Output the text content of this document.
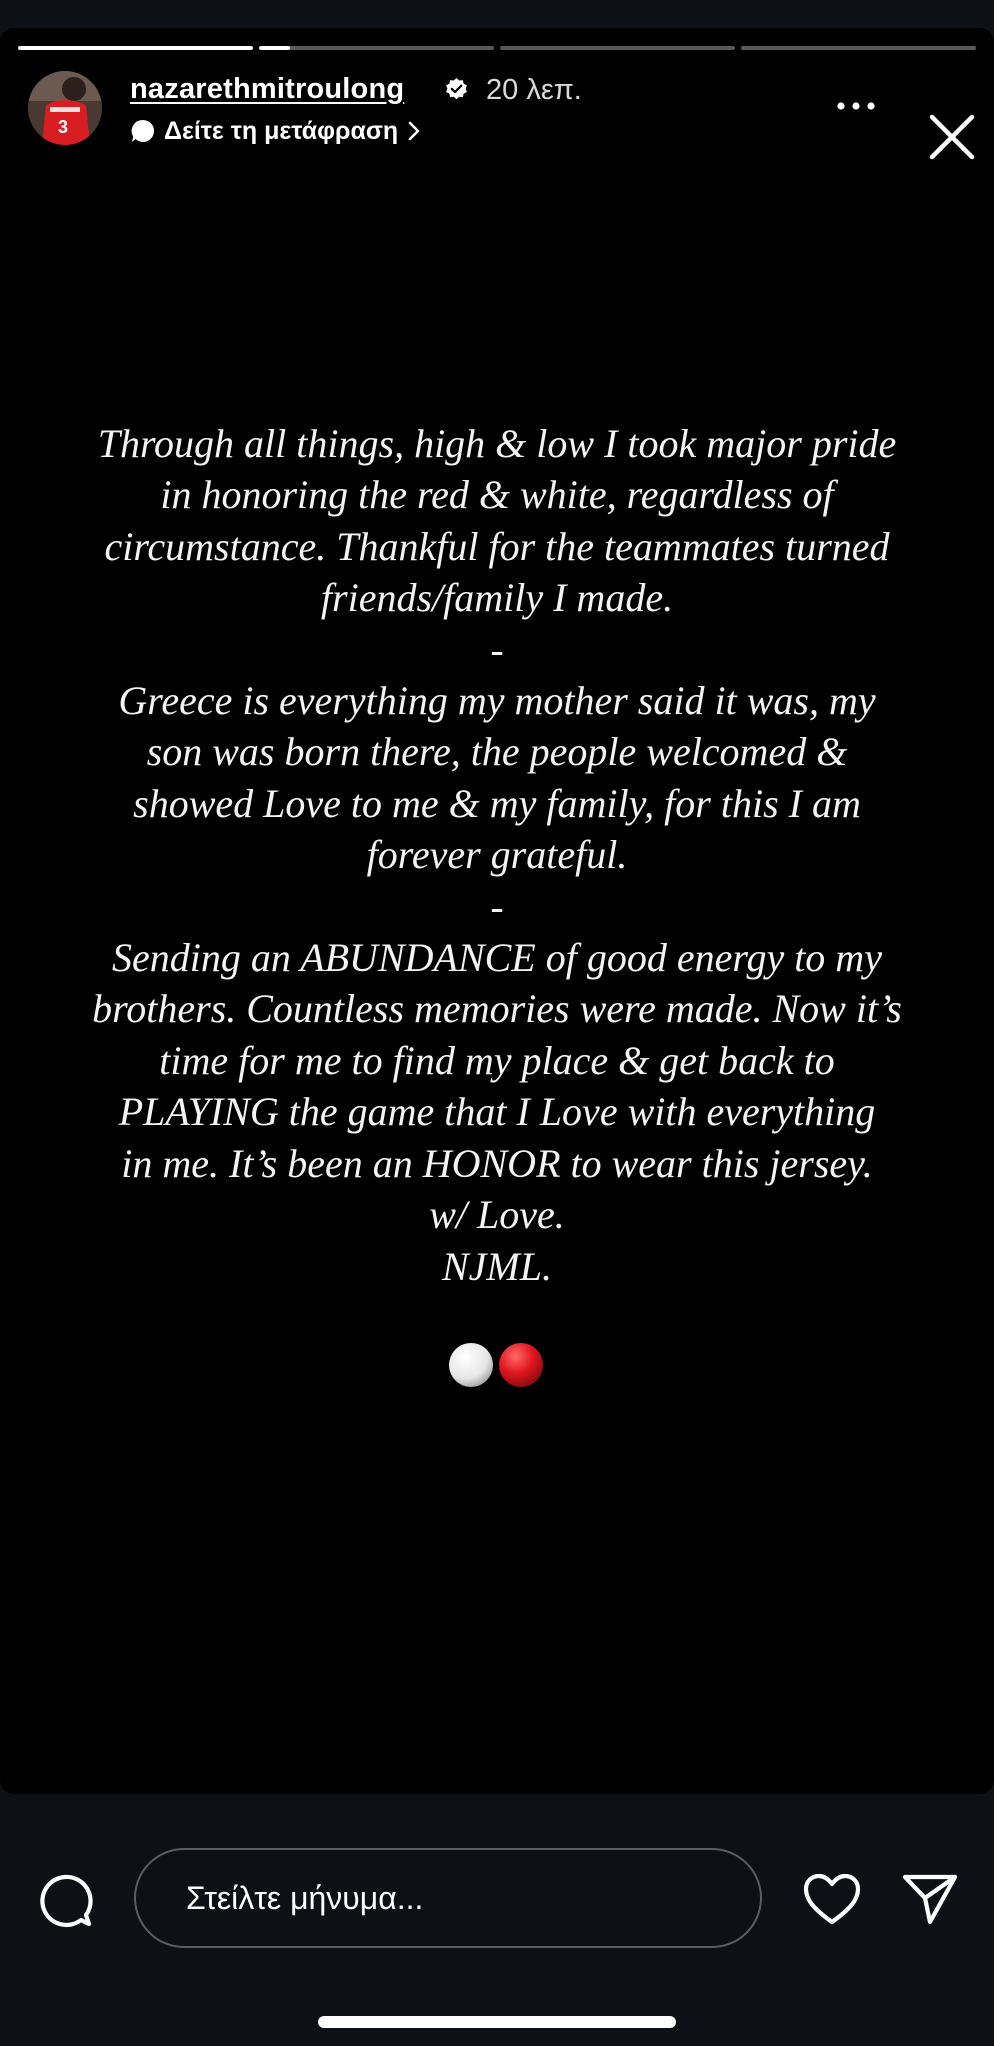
3
nazarethmitroulong	20 λεπ.
Δείτε τη μετάφραση
Through all things, high & low I took major pride
in honoring the red & white, regardless of
circumstance. Thankful for the teammates turned
friends/family I made.
-
Greece is everything my mother said it was, my
son was born there, the people welcomed &
showed Love to me & my family, for this I am
forever grateful.
-
Sending an ABUNDANCE of good energy to my
brothers. Countless memories were made. Now it’s
time for me to find my place & get back to
PLAYING the game that I Love with everything
in me. It’s been an HONOR to wear this jersey.
w/ Love.
NJML.
Στείλτε μήνυμα...
